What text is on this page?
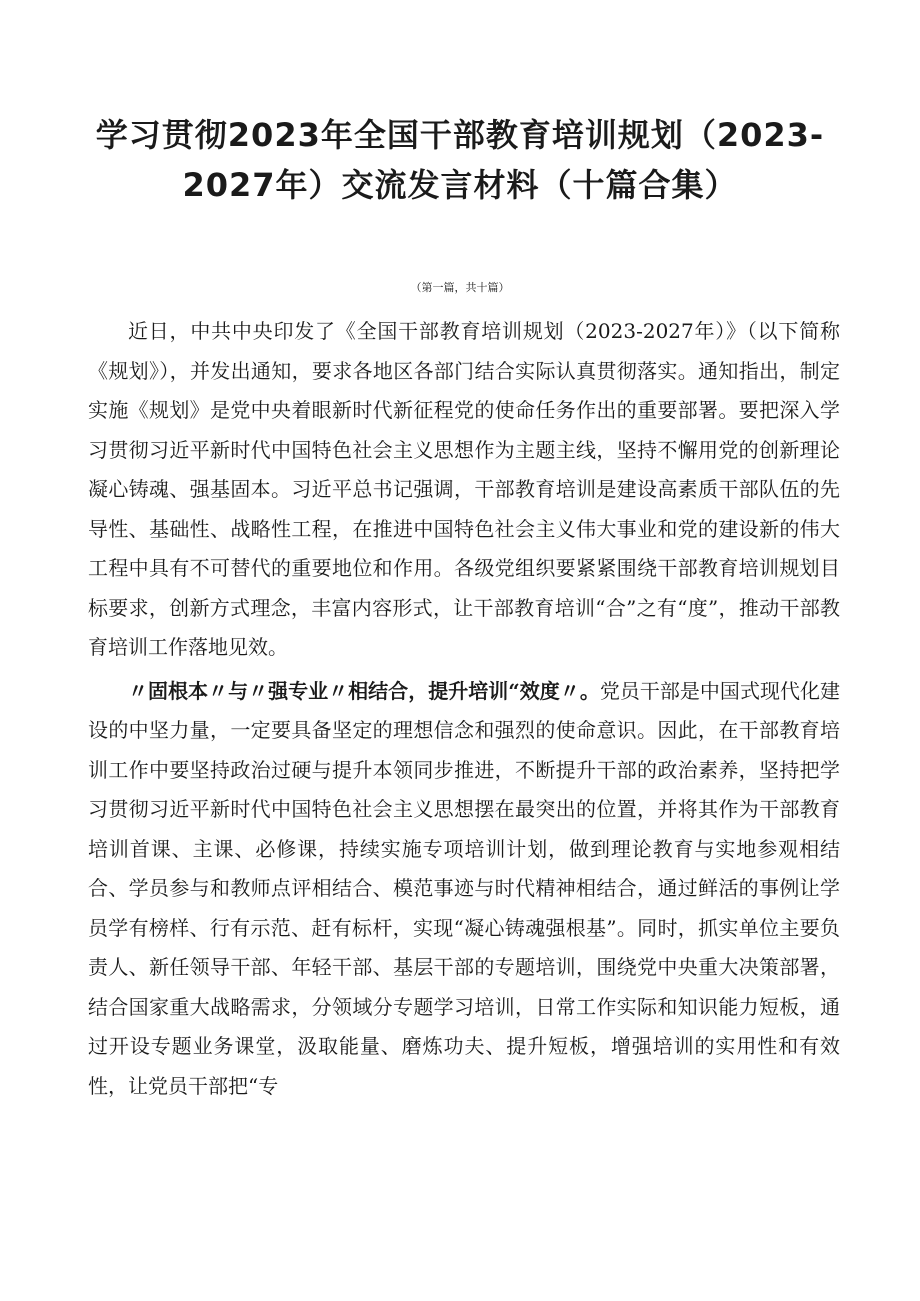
学习贯彻2023年全国干部教育培训规划（2023-
2027年）交流发言材料（十篇合集）
（第一篇，共十篇）

近日，中共中央印发了《全国干部教育培训规划（2023-2027年）》（以下简称《规划》），并发出通知，要求各地区各部门结合实际认真贯彻落实。通知指出，制定实施《规划》是党中央着眼新时代新征程党的使命任务作出的重要部署。要把深入学习贯彻习近平新时代中国特色社会主义思想作为主题主线，坚持不懈用党的创新理论凝心铸魂、强基固本。习近平总书记强调，干部教育培训是建设高素质干部队伍的先导性、基础性、战略性工程，在推进中国特色社会主义伟大事业和党的建设新的伟大工程中具有不可替代的重要地位和作用。各级党组织要紧紧围绕干部教育培训规划目标要求，创新方式理念，丰富内容形式，让干部教育培训“合”之有“度”，推动干部教育培训工作落地见效。

〃固根本〃与〃强专业〃相结合，提升培训“效度〃。党员干部是中国式现代化建设的中坚力量，一定要具备坚定的理想信念和强烈的使命意识。因此，在干部教育培训工作中要坚持政治过硬与提升本领同步推进，不断提升干部的政治素养，坚持把学习贯彻习近平新时代中国特色社会主义思想摆在最突出的位置，并将其作为干部教育培训首课、主课、必修课，持续实施专项培训计划，做到理论教育与实地参观相结合、学员参与和教师点评相结合、模范事迹与时代精神相结合，通过鲜活的事例让学员学有榜样、行有示范、赶有标杆，实现“凝心铸魂强根基”。同时，抓实单位主要负责人、新任领导干部、年轻干部、基层干部的专题培训，围绕党中央重大决策部署，结合国家重大战略需求，分领域分专题学习培训，日常工作实际和知识能力短板，通过开设专题业务课堂，汲取能量、磨炼功夫、提升短板，增强培训的实用性和有效性，让党员干部把“专
